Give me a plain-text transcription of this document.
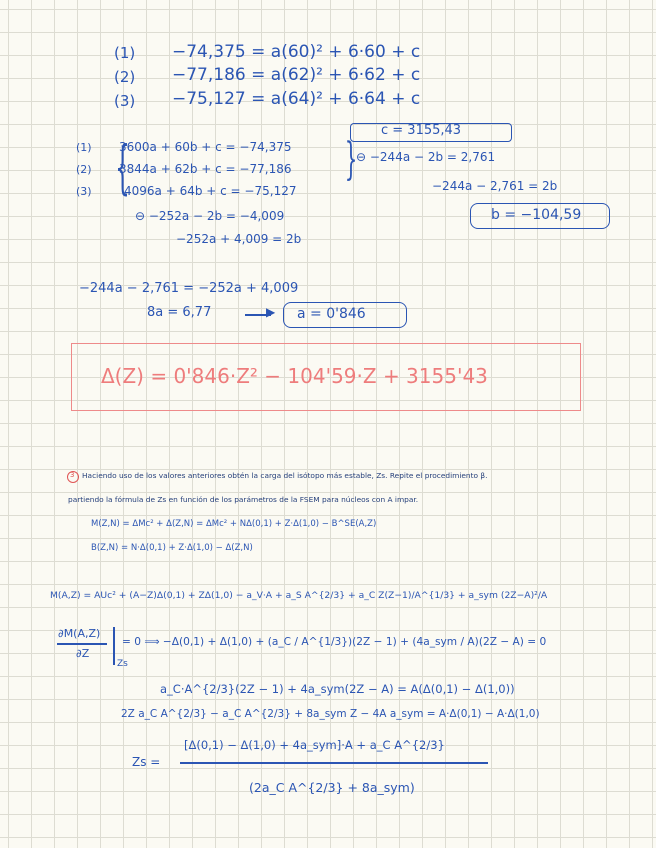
(1) −74,375 = a(60)² + 6·60 + c
(2) −77,186 = a(62)² + 6·62 + c
(3) −75,127 = a(64)² + 6·64 + c
(1) 3600a + 60b + c = −74,375
(2) 3844a + 62b + c = −77,186
(3)	4096a + 64b + c = −75,127
{
⊖ −252a − 2b = −4,009
−252a + 4,009 = 2b
}
c = 3155,43
⊖ −244a − 2b = 2,761
−244a − 2,761 = 2b
b = −104,59
−244a − 2,761 = −252a + 4,009
8a = 6,77	▶ a = 0'846
Δ(Z) = 0'846·Z² − 104'59·Z + 3155'43
3 Haciendo uso de los valores anteriores obtén la carga del isótopo más estable, Zs. Repite el procedimiento β.
partiendo la fórmula de Zs en función de los parámetros de la FSEM para núcleos con A impar.
M(Z,N) = ΔMc² + Δ(Z,N) = ΔMc² + NΔ(0,1) + Z·Δ(1,0) − B^SE(A,Z)
B(Z,N) = N·Δ(0,1) + Z·Δ(1,0) − Δ(Z,N)
M(A,Z) = AUc² + (A−Z)Δ(0,1) + ZΔ(1,0) − a_V·A + a_S A^{2/3} + a_C Z(Z−1)/A^{1/3} + a_sym (2Z−A)²/A
∂M(A,Z)
∂Z
Zs
= 0 ⟹ −Δ(0,1) + Δ(1,0) + (a_C / A^{1/3})(2Z − 1) + (4a_sym / A)(2Z − A) = 0
a_C·A^{2/3}(2Z − 1) + 4a_sym(2Z − A) = A(Δ(0,1) − Δ(1,0))
2Z a_C A^{2/3} − a_C A^{2/3} + 8a_sym Z − 4A a_sym = A·Δ(0,1) − A·Δ(1,0)
Zs =
[Δ(0,1) − Δ(1,0) + 4a_sym]·A + a_C A^{2/3}
(2a_C A^{2/3} + 8a_sym)
